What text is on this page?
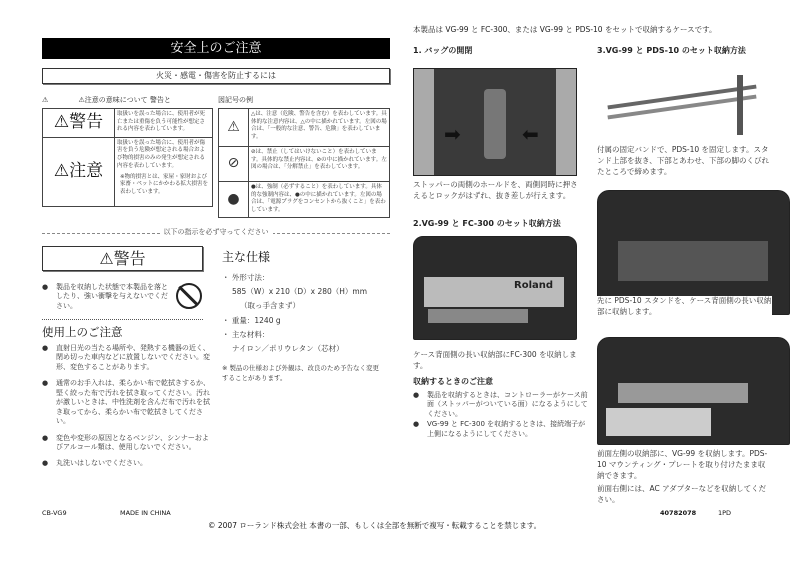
安全上のご注意
火災・感電・傷害を防止するには
⚠	⚠注意の意味について 警告と	図記号の例
⚠警告	取扱いを誤った場合に、使用者が死亡または重傷を負う可能性が想定される内容を表わしています。
⚠注意	取扱いを誤った場合に、使用者が傷害を負う危険が想定される場合および物的損害のみの発生が想定される内容を表わしています。
※物的損害とは、家屋・家財および家畜・ペットにかかわる拡大損害を表わしています。
⚠	△は、注意（危険、警告を含む）を表わしています。具体的な注意内容は、△の中に描かれています。左図の場合は、「一般的な注意、警告、危険」を表わしています。
⊘	⊘は、禁止（してはいけないこと）を表わしています。具体的な禁止内容は、⊘の中に描かれています。左図の場合は、「分解禁止」を表わしています。
●	●は、強制（必ずすること）を表わしています。具体的な強制内容は、●の中に描かれています。左図の場合は、「電源プラグをコンセントから抜くこと」を表わしています。
以下の指示を必ず守ってください
⚠警告
● 製品を収納した状態で本製品を落としたり、強い衝撃を与えないでください。
使用上のご注意
● 直射日光の当たる場所や、発熱する機器の近く、閉め切った車内などに放置しないでください。変形、変色することがあります。
● 通常のお手入れは、柔らかい布で乾拭きするか、堅く絞った布で汚れを拭き取ってください。汚れが激しいときは、中性洗剤を含んだ布で汚れを拭き取ってから、柔らかい布で乾拭きしてください。
● 変色や変形の原因となるベンジン、シンナーおよびアルコール類は、使用しないでください。
● 丸洗いはしないでください。
主な仕様
・ 外形寸法：
585（W）x 210（D）x 280（H）mm
（取っ手含まず）
・ 重量：1240 g
・ 主な材料：
ナイロン／ポリウレタン（芯材）
※ 製品の仕様および外観は、改良のため予告なく変更することがあります。
本製品は VG-99 と FC-300、または VG-99 と PDS-10 をセットで収納するケースです。
1. バッグの開閉	3.VG-99 と PDS-10 のセット収納方法
➡	⬅
ストッパーの両側のホールドを、両側同時に押さえるとロックがはずれ、抜き差しが行えます。
2.VG-99 と FC-300 のセット収納方法
Roland
ケース背面側の長い収納部にFC-300 を収納します。
収納するときのご注意
● 製品を収納するときは、コントローラーがケース前面（ストッパーがついている面）になるようにしてください。
● VG-99 と FC-300 を収納するときは、接続端子が上側になるようにしてください。
付属の固定バンドで、PDS-10 を固定します。スタンド上部を抜き、下部とあわせ、下部の脚のくびれたところで締めます。
先に PDS-10 スタンドを、ケース背面側の長い収納部に収納します。
前面左側の収納部に、VG-99 を収納します。PDS-10 マウンティング・プレートを取り付けたまま収納できます。
前面右側には、AC アダプターなどを収納してください。
CB-VG9	MADE IN CHINA	40782078	1PD
© 2007 ローランド株式会社 本書の一部、もしくは全部を無断で複写・転載することを禁じます。
